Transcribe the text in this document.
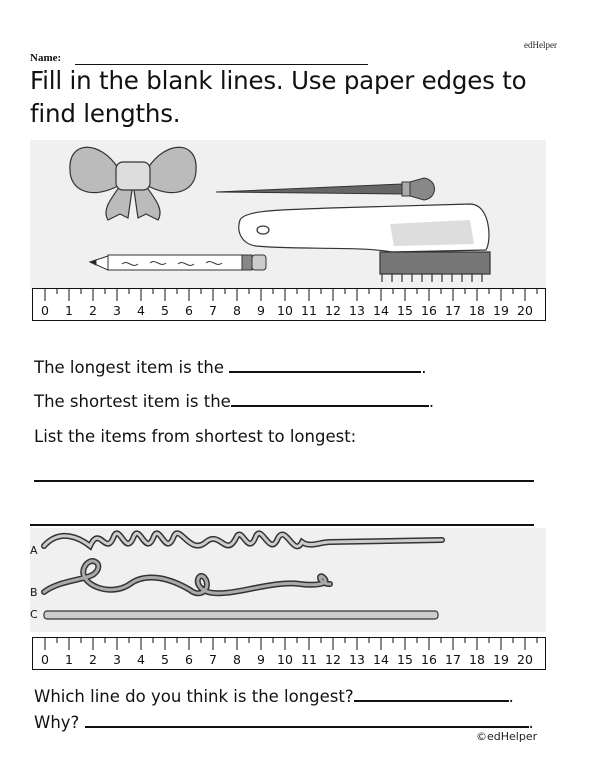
edHelper
Name:
Fill in the blank lines. Use paper edges to find lengths.
0	1	2	3	4	5	6	7	8	9 10 11 12 13 14 15 16 17 18 19 20
The longest item is the	.
The shortest item is the	.
List the items from shortest to longest:
A
B
C
0	1	2	3	4	5	6	7	8	9 10 11 12 13 14 15 16 17 18 19 20
Which line do you think is the longest?	.
Why?	.
©edHelper
